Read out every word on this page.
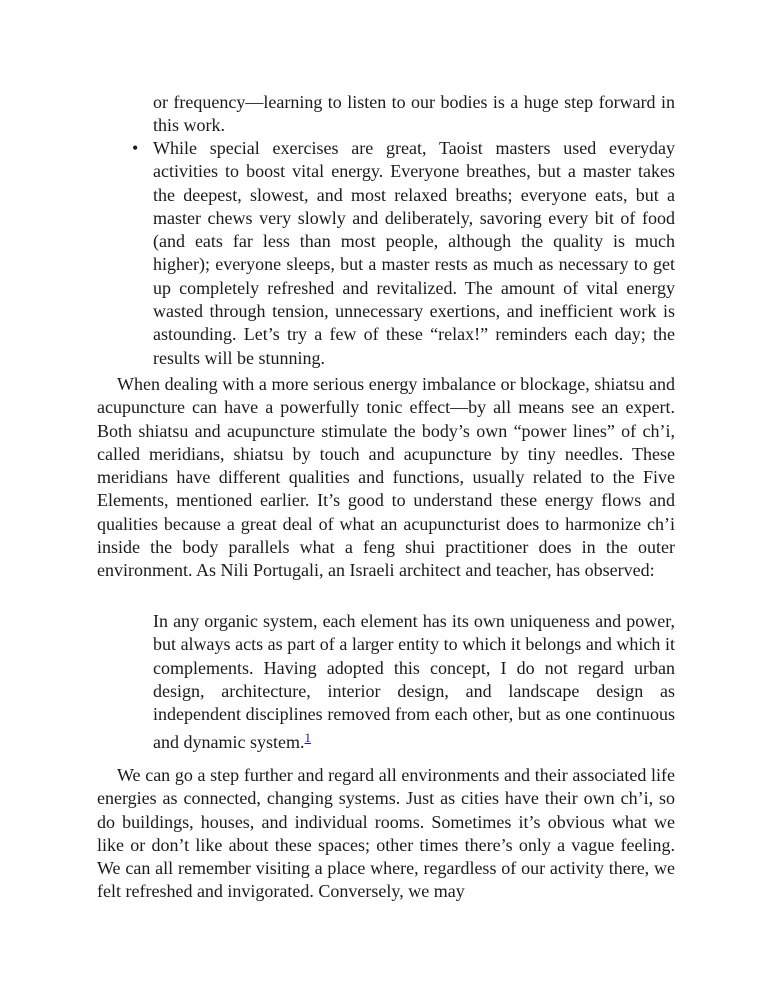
or frequency—learning to listen to our bodies is a huge step forward in this work.

• While special exercises are great, Taoist masters used everyday activities to boost vital energy. Everyone breathes, but a master takes the deepest, slowest, and most relaxed breaths; everyone eats, but a master chews very slowly and deliberately, savoring every bit of food (and eats far less than most people, although the quality is much higher); everyone sleeps, but a master rests as much as necessary to get up completely refreshed and revitalized. The amount of vital energy wasted through tension, unnecessary exertions, and inefficient work is astounding. Let’s try a few of these “relax!” reminders each day; the results will be stunning.

When dealing with a more serious energy imbalance or blockage, shiatsu and acupuncture can have a powerfully tonic effect—by all means see an expert. Both shiatsu and acupuncture stimulate the body’s own “power lines” of ch’i, called meridians, shiatsu by touch and acupuncture by tiny needles. These meridians have different qualities and functions, usually related to the Five Elements, mentioned earlier. It’s good to understand these energy flows and qualities because a great deal of what an acupuncturist does to harmonize ch’i inside the body parallels what a feng shui practitioner does in the outer environment. As Nili Portugali, an Israeli architect and teacher, has observed:

In any organic system, each element has its own uniqueness and power, but always acts as part of a larger entity to which it belongs and which it complements. Having adopted this concept, I do not regard urban design, architecture, interior design, and landscape design as independent disciplines removed from each other, but as one continuous and dynamic system.$^1$

We can go a step further and regard all environments and their associated life energies as connected, changing systems. Just as cities have their own ch’i, so do buildings, houses, and individual rooms. Sometimes it’s obvious what we like or don’t like about these spaces; other times there’s only a vague feeling. We can all remember visiting a place where, regardless of our activity there, we felt refreshed and invigorated. Conversely, we may
